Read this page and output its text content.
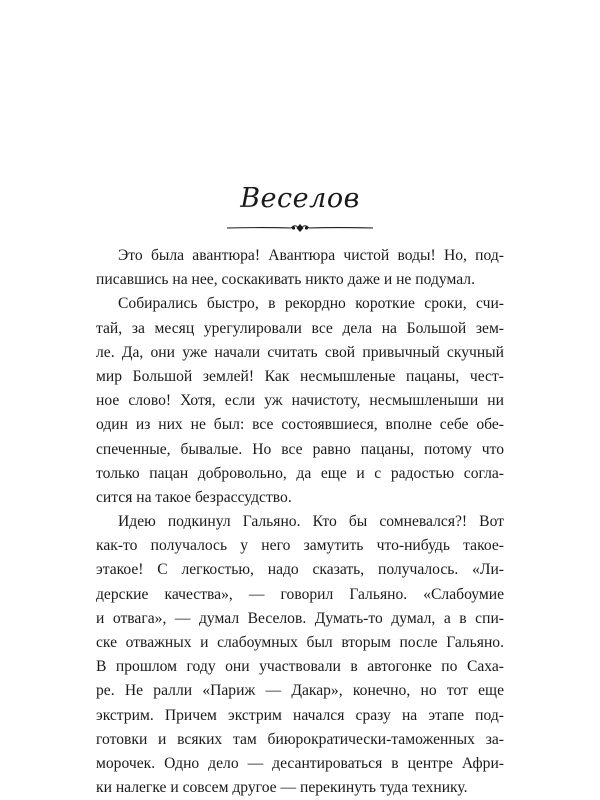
Веселов
Это была авантюра! Авантюра чистой воды! Но, под-
писавшись на нее, соскакивать никто даже и не подумал.
Собирались быстро, в рекордно короткие сроки, счи-
тай, за месяц урегулировали все дела на Большой зем-
ле. Да, они уже начали считать свой привычный скучный
мир Большой землей! Как несмышленые пацаны, чест-
ное слово! Хотя, если уж начистоту, несмышленыши ни
один из них не был: все состоявшиеся, вполне себе обе-
спеченные, бывалые. Но все равно пацаны, потому что
только пацан добровольно, да еще и с радостью согла-
сится на такое безрассудство.
Идею подкинул Гальяно. Кто бы сомневался?! Вот
как-то получалось у него замутить что-нибудь такое-
этакое! С легкостью, надо сказать, получалось. «Ли-
дерские качества», — говорил Гальяно. «Слабоумие
и отвага», — думал Веселов. Думать-то думал, а в спи-
ске отважных и слабоумных был вторым после Гальяно.
В прошлом году они участвовали в автогонке по Саха-
ре. Не ралли «Париж — Дакар», конечно, но тот еще
экстрим. Причем экстрим начался сразу на этапе под-
готовки и всяких там биюрократически-таможенных за-
морочек. Одно дело — десантироваться в центре Афри-
ки налегке и совсем другое — перекинуть туда технику.
